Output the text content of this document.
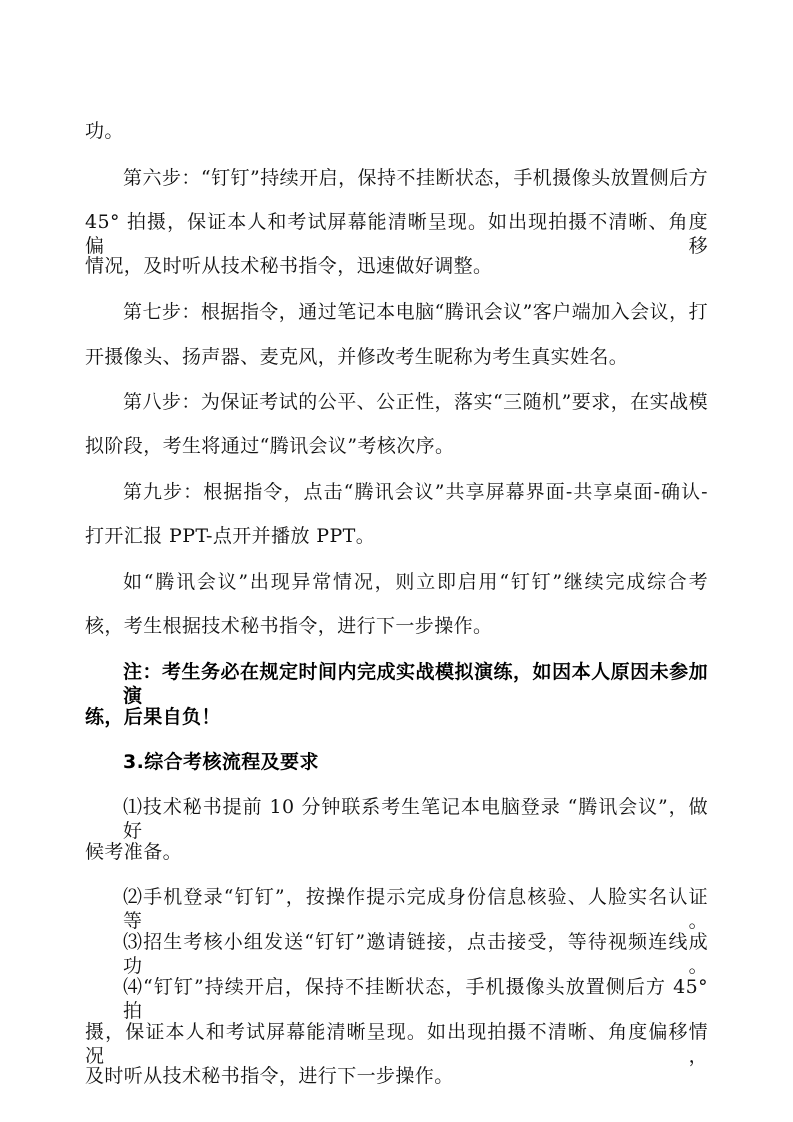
功。
第六步：“钉钉”持续开启，保持不挂断状态，手机摄像头放置侧后方
45° 拍摄，保证本人和考试屏幕能清晰呈现。如出现拍摄不清晰、角度偏移
情况，及时听从技术秘书指令，迅速做好调整。
第七步：根据指令，通过笔记本电脑“腾讯会议”客户端加入会议，打
开摄像头、扬声器、麦克风，并修改考生昵称为考生真实姓名。
第八步：为保证考试的公平、公正性，落实“三随机”要求，在实战模
拟阶段，考生将通过“腾讯会议”考核次序。
第九步：根据指令，点击“腾讯会议”共享屏幕界面-共享桌面-确认-
打开汇报 PPT-点开并播放 PPT。
如“腾讯会议”出现异常情况，则立即启用“钉钉”继续完成综合考
核，考生根据技术秘书指令，进行下一步操作。
注：考生务必在规定时间内完成实战模拟演练，如因本人原因未参加演
练，后果自负！
3.综合考核流程及要求
⑴技术秘书提前 10 分钟联系考生笔记本电脑登录 “腾讯会议”，做好
候考准备。
⑵手机登录“钉钉”，按操作提示完成身份信息核验、人脸实名认证等。
⑶招生考核小组发送“钉钉”邀请链接，点击接受，等待视频连线成功。
⑷“钉钉”持续开启，保持不挂断状态，手机摄像头放置侧后方 45° 拍
摄，保证本人和考试屏幕能清晰呈现。如出现拍摄不清晰、角度偏移情况，
及时听从技术秘书指令，进行下一步操作。
